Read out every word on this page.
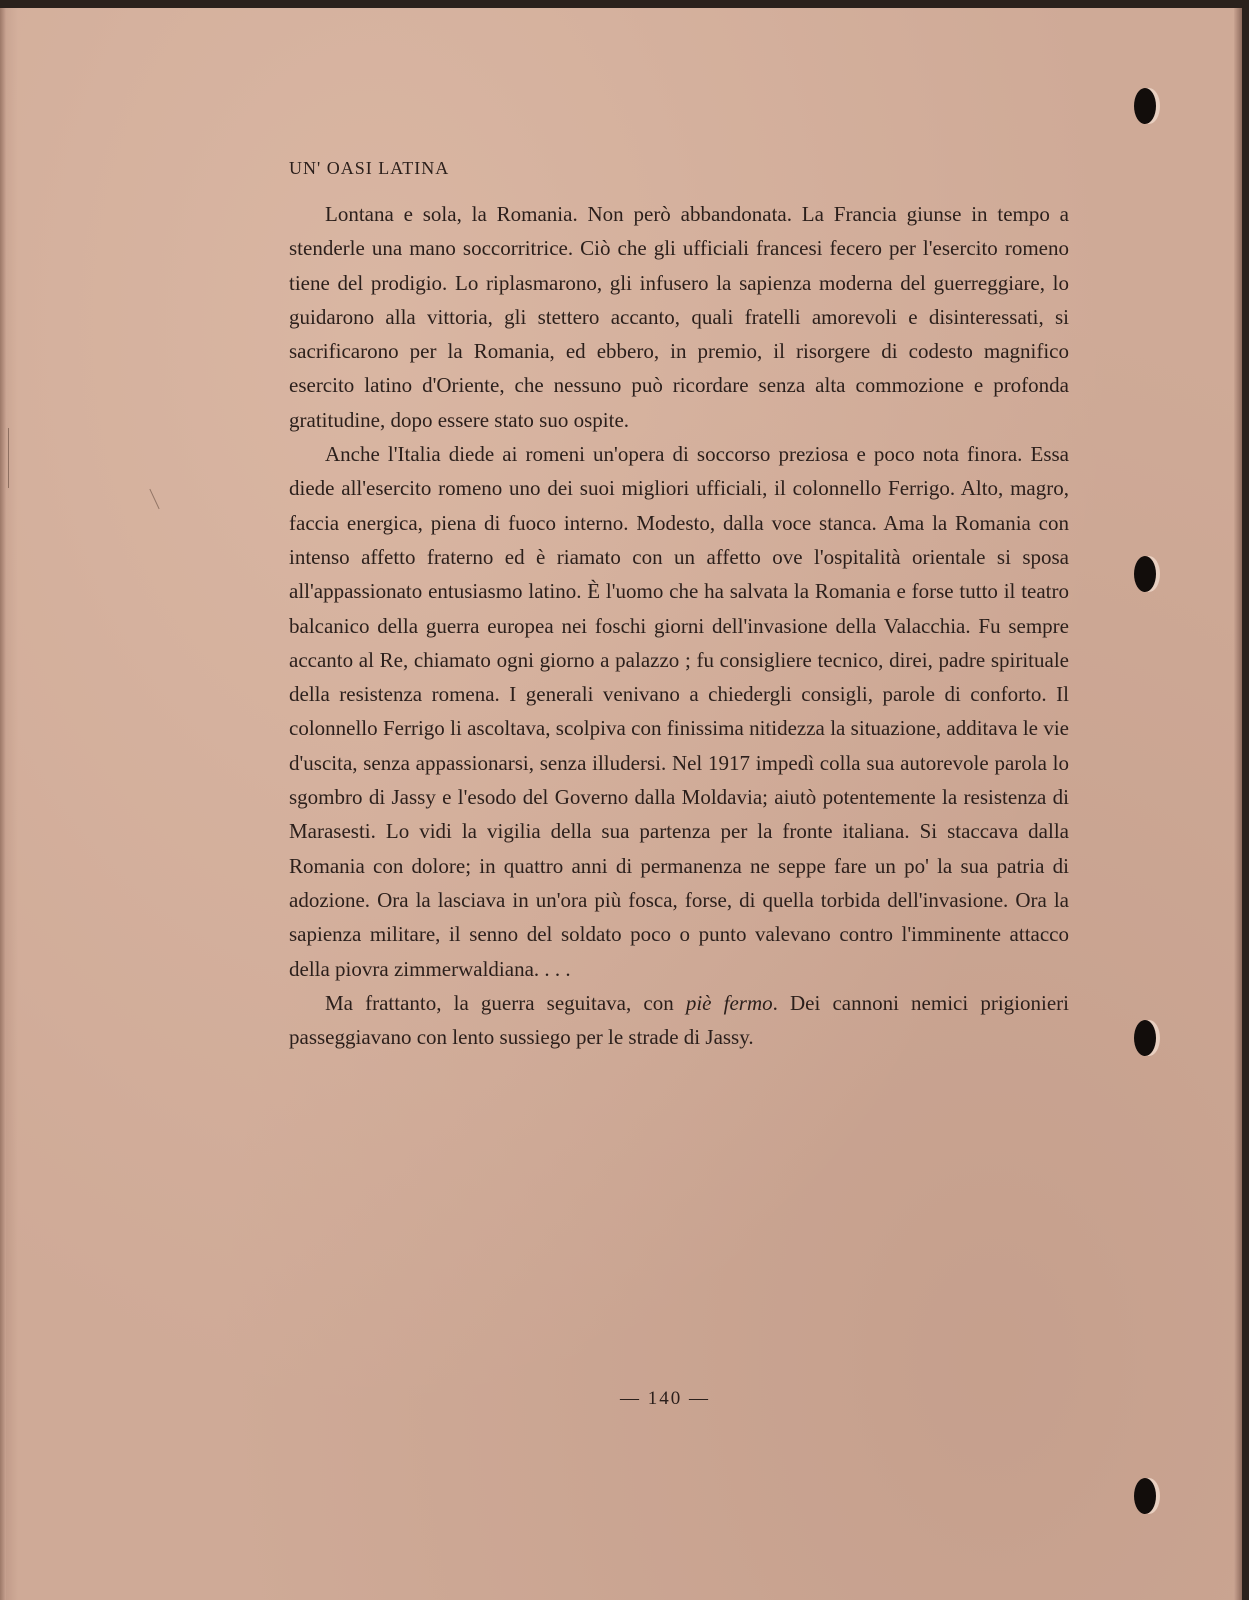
UN' OASI LATINA

Lontana e sola, la Romania. Non però abbandonata. La Francia giunse in tempo a stenderle una mano soccorritrice. Ciò che gli ufficiali francesi fecero per l'esercito romeno tiene del prodigio. Lo riplasmarono, gli infusero la sapienza moderna del guerreggiare, lo guidarono alla vittoria, gli stettero accanto, quali fratelli amorevoli e disinteressati, si sacrificarono per la Romania, ed ebbero, in premio, il risorgere di codesto magnifico esercito latino d'Oriente, che nessuno può ricordare senza alta commozione e profonda gratitudine, dopo essere stato suo ospite.

Anche l'Italia diede ai romeni un'opera di soccorso preziosa e poco nota finora. Essa diede all'esercito romeno uno dei suoi migliori ufficiali, il colonnello Ferrigo. Alto, magro, faccia energica, piena di fuoco interno. Modesto, dalla voce stanca. Ama la Romania con intenso affetto fraterno ed è riamato con un affetto ove l'ospitalità orientale si sposa all'appassionato entusiasmo latino. È l'uomo che ha salvata la Romania e forse tutto il teatro balcanico della guerra europea nei foschi giorni dell'invasione della Valacchia. Fu sempre accanto al Re, chiamato ogni giorno a palazzo ; fu consigliere tecnico, direi, padre spirituale della resistenza romena. I generali venivano a chiedergli consigli, parole di conforto. Il colonnello Ferrigo li ascoltava, scolpiva con finissima nitidezza la situazione, additava le vie d'uscita, senza appassionarsi, senza illudersi. Nel 1917 impedì colla sua autorevole parola lo sgombro di Jassy e l'esodo del Governo dalla Moldavia; aiutò potentemente la resistenza di Marasesti. Lo vidi la vigilia della sua partenza per la fronte italiana. Si staccava dalla Romania con dolore; in quattro anni di permanenza ne seppe fare un po' la sua patria di adozione. Ora la lasciava in un'ora più fosca, forse, di quella torbida dell'invasione. Ora la sapienza militare, il senno del soldato poco o punto valevano contro l'imminente attacco della piovra zimmerwaldiana. . . .

Ma frattanto, la guerra seguitava, con piè fermo. Dei cannoni nemici prigionieri passeggiavano con lento sussiego per le strade di Jassy.

— 140 —
